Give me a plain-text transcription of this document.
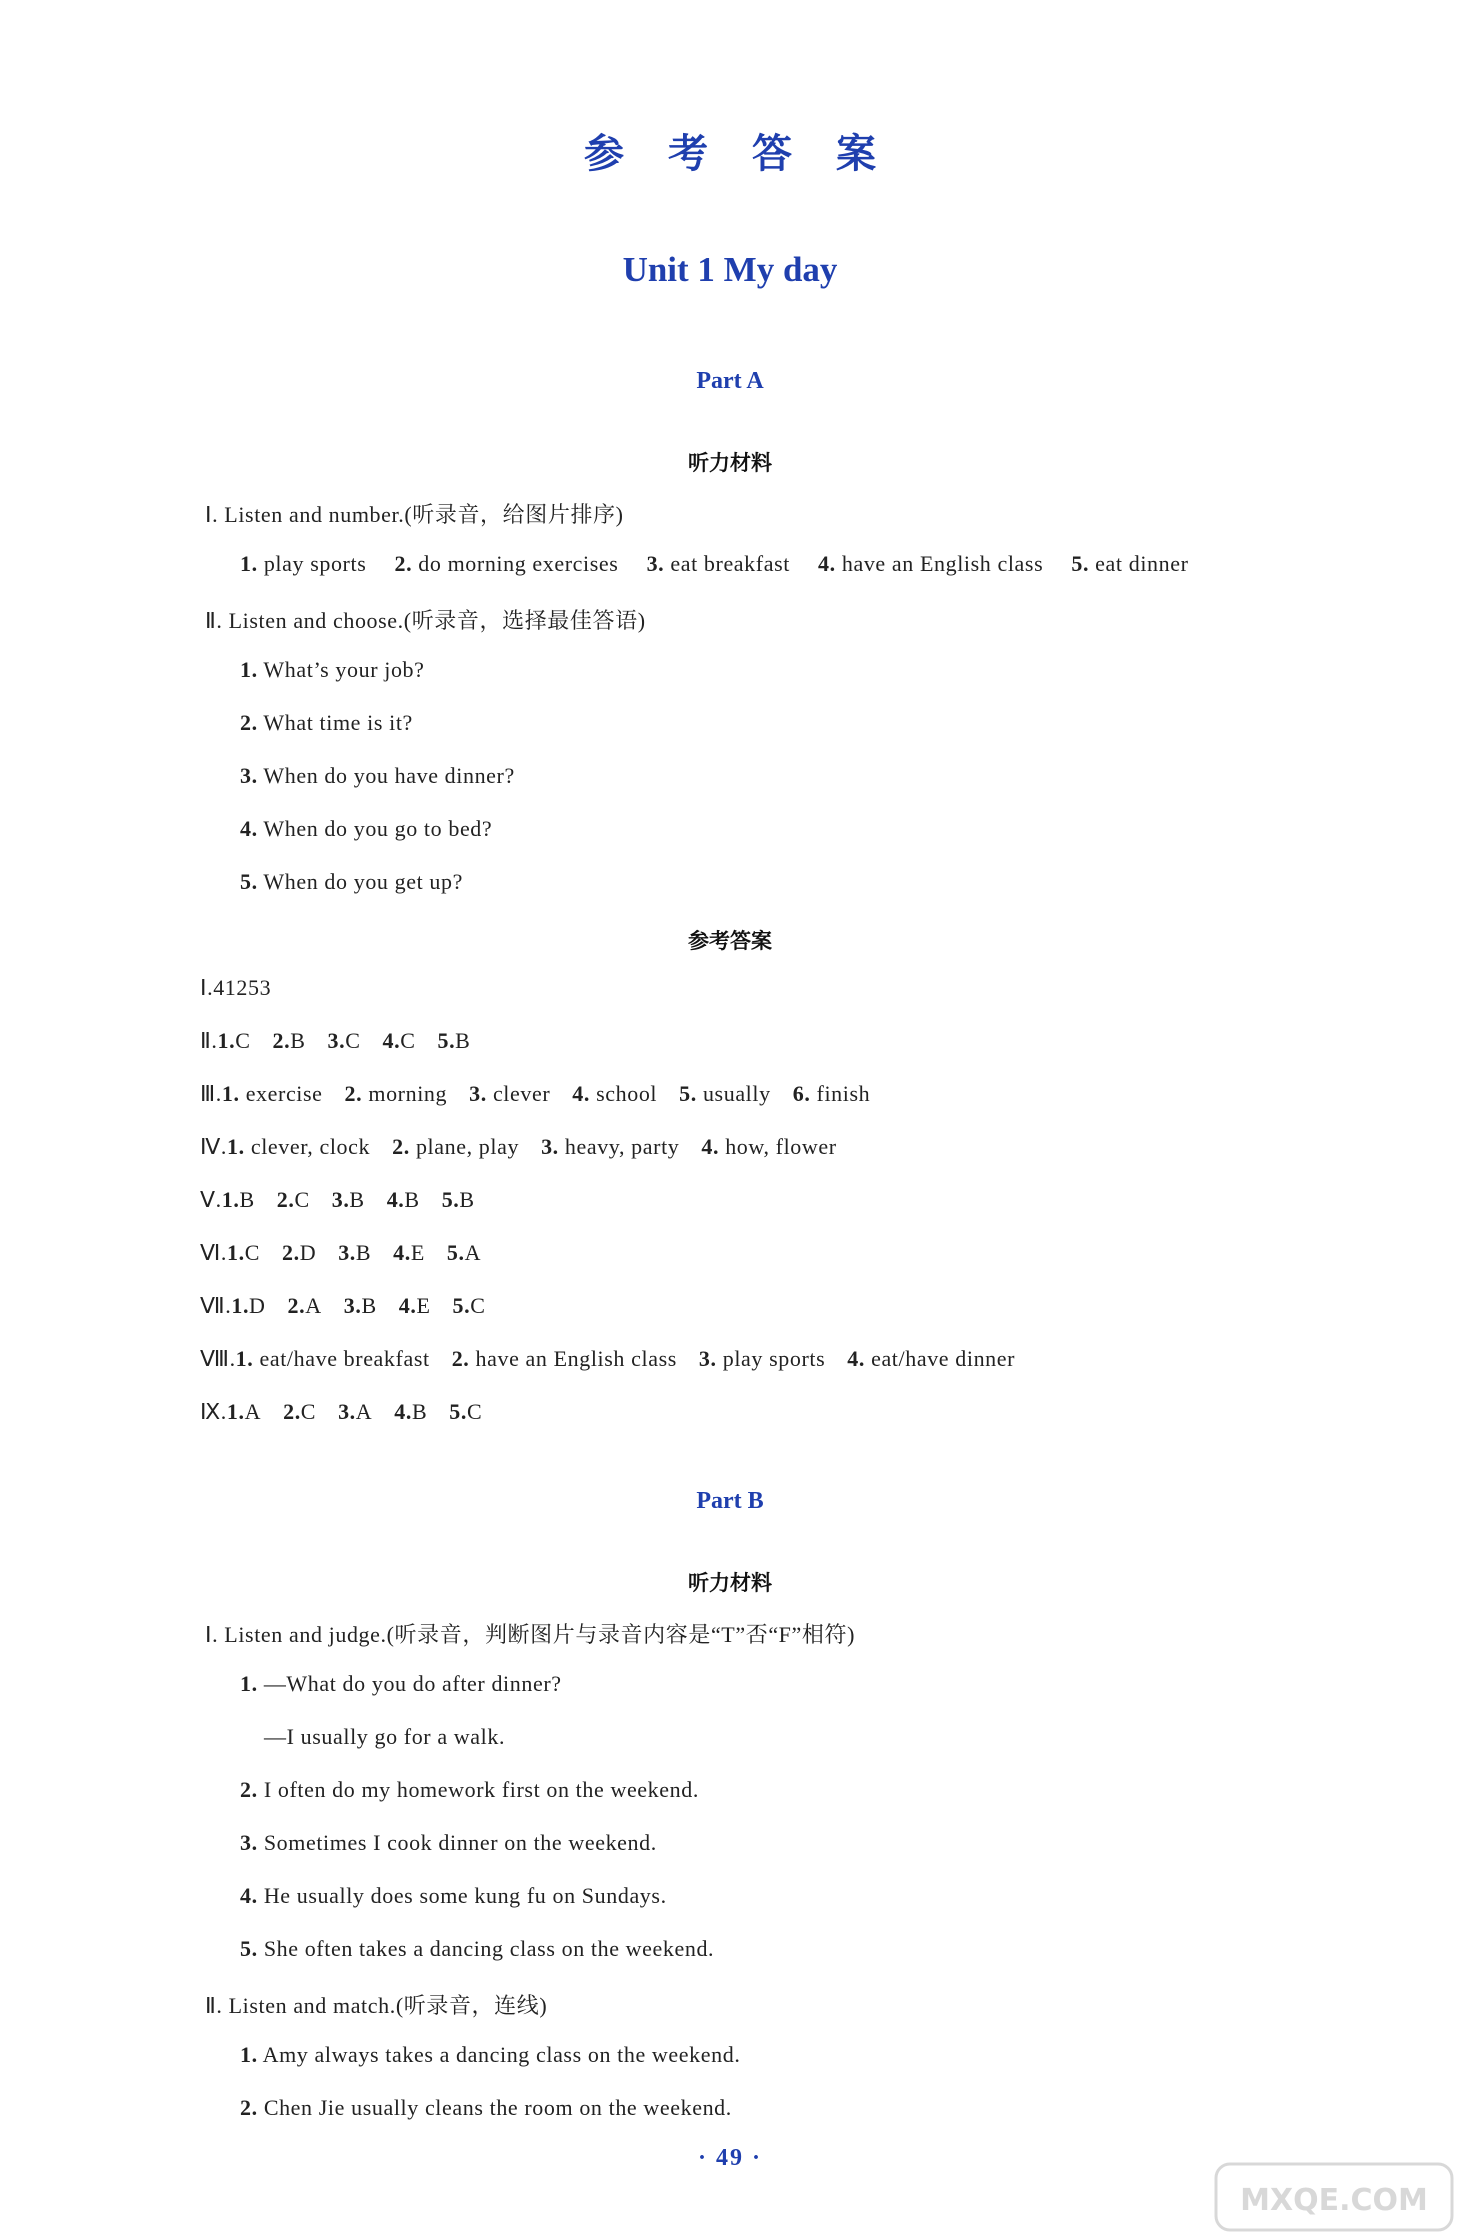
参考答案
Unit 1 My day
Part A
听力材料
Ⅰ. Listen and number.(听录音，给图片排序)
1. play sports 2. do morning exercises 3. eat breakfast 4. have an English class 5. eat dinner
Ⅱ. Listen and choose.(听录音，选择最佳答语)
1. What’s your job?
2. What time is it?
3. When do you have dinner?
4. When do you go to bed?
5. When do you get up?
参考答案
Ⅰ.41253
Ⅱ.1.C 2.B 3.C 4.C 5.B
Ⅲ.1. exercise 2. morning 3. clever 4. school 5. usually 6. finish
Ⅳ.1. clever, clock 2. plane, play 3. heavy, party 4. how, flower
Ⅴ.1.B 2.C 3.B 4.B 5.B
Ⅵ.1.C 2.D 3.B 4.E 5.A
Ⅶ.1.D 2.A 3.B 4.E 5.C
Ⅷ.1. eat/have breakfast 2. have an English class 3. play sports 4. eat/have dinner
Ⅸ.1.A 2.C 3.A 4.B 5.C
Part B
听力材料
Ⅰ. Listen and judge.(听录音，判断图片与录音内容是“T”否“F”相符)
1. —What do you do after dinner?
—I usually go for a walk.
2. I often do my homework first on the weekend.
3. Sometimes I cook dinner on the weekend.
4. He usually does some kung fu on Sundays.
5. She often takes a dancing class on the weekend.
Ⅱ. Listen and match.(听录音，连线)
1. Amy always takes a dancing class on the weekend.
2. Chen Jie usually cleans the room on the weekend.
· 49 ·
MXQE.COM
